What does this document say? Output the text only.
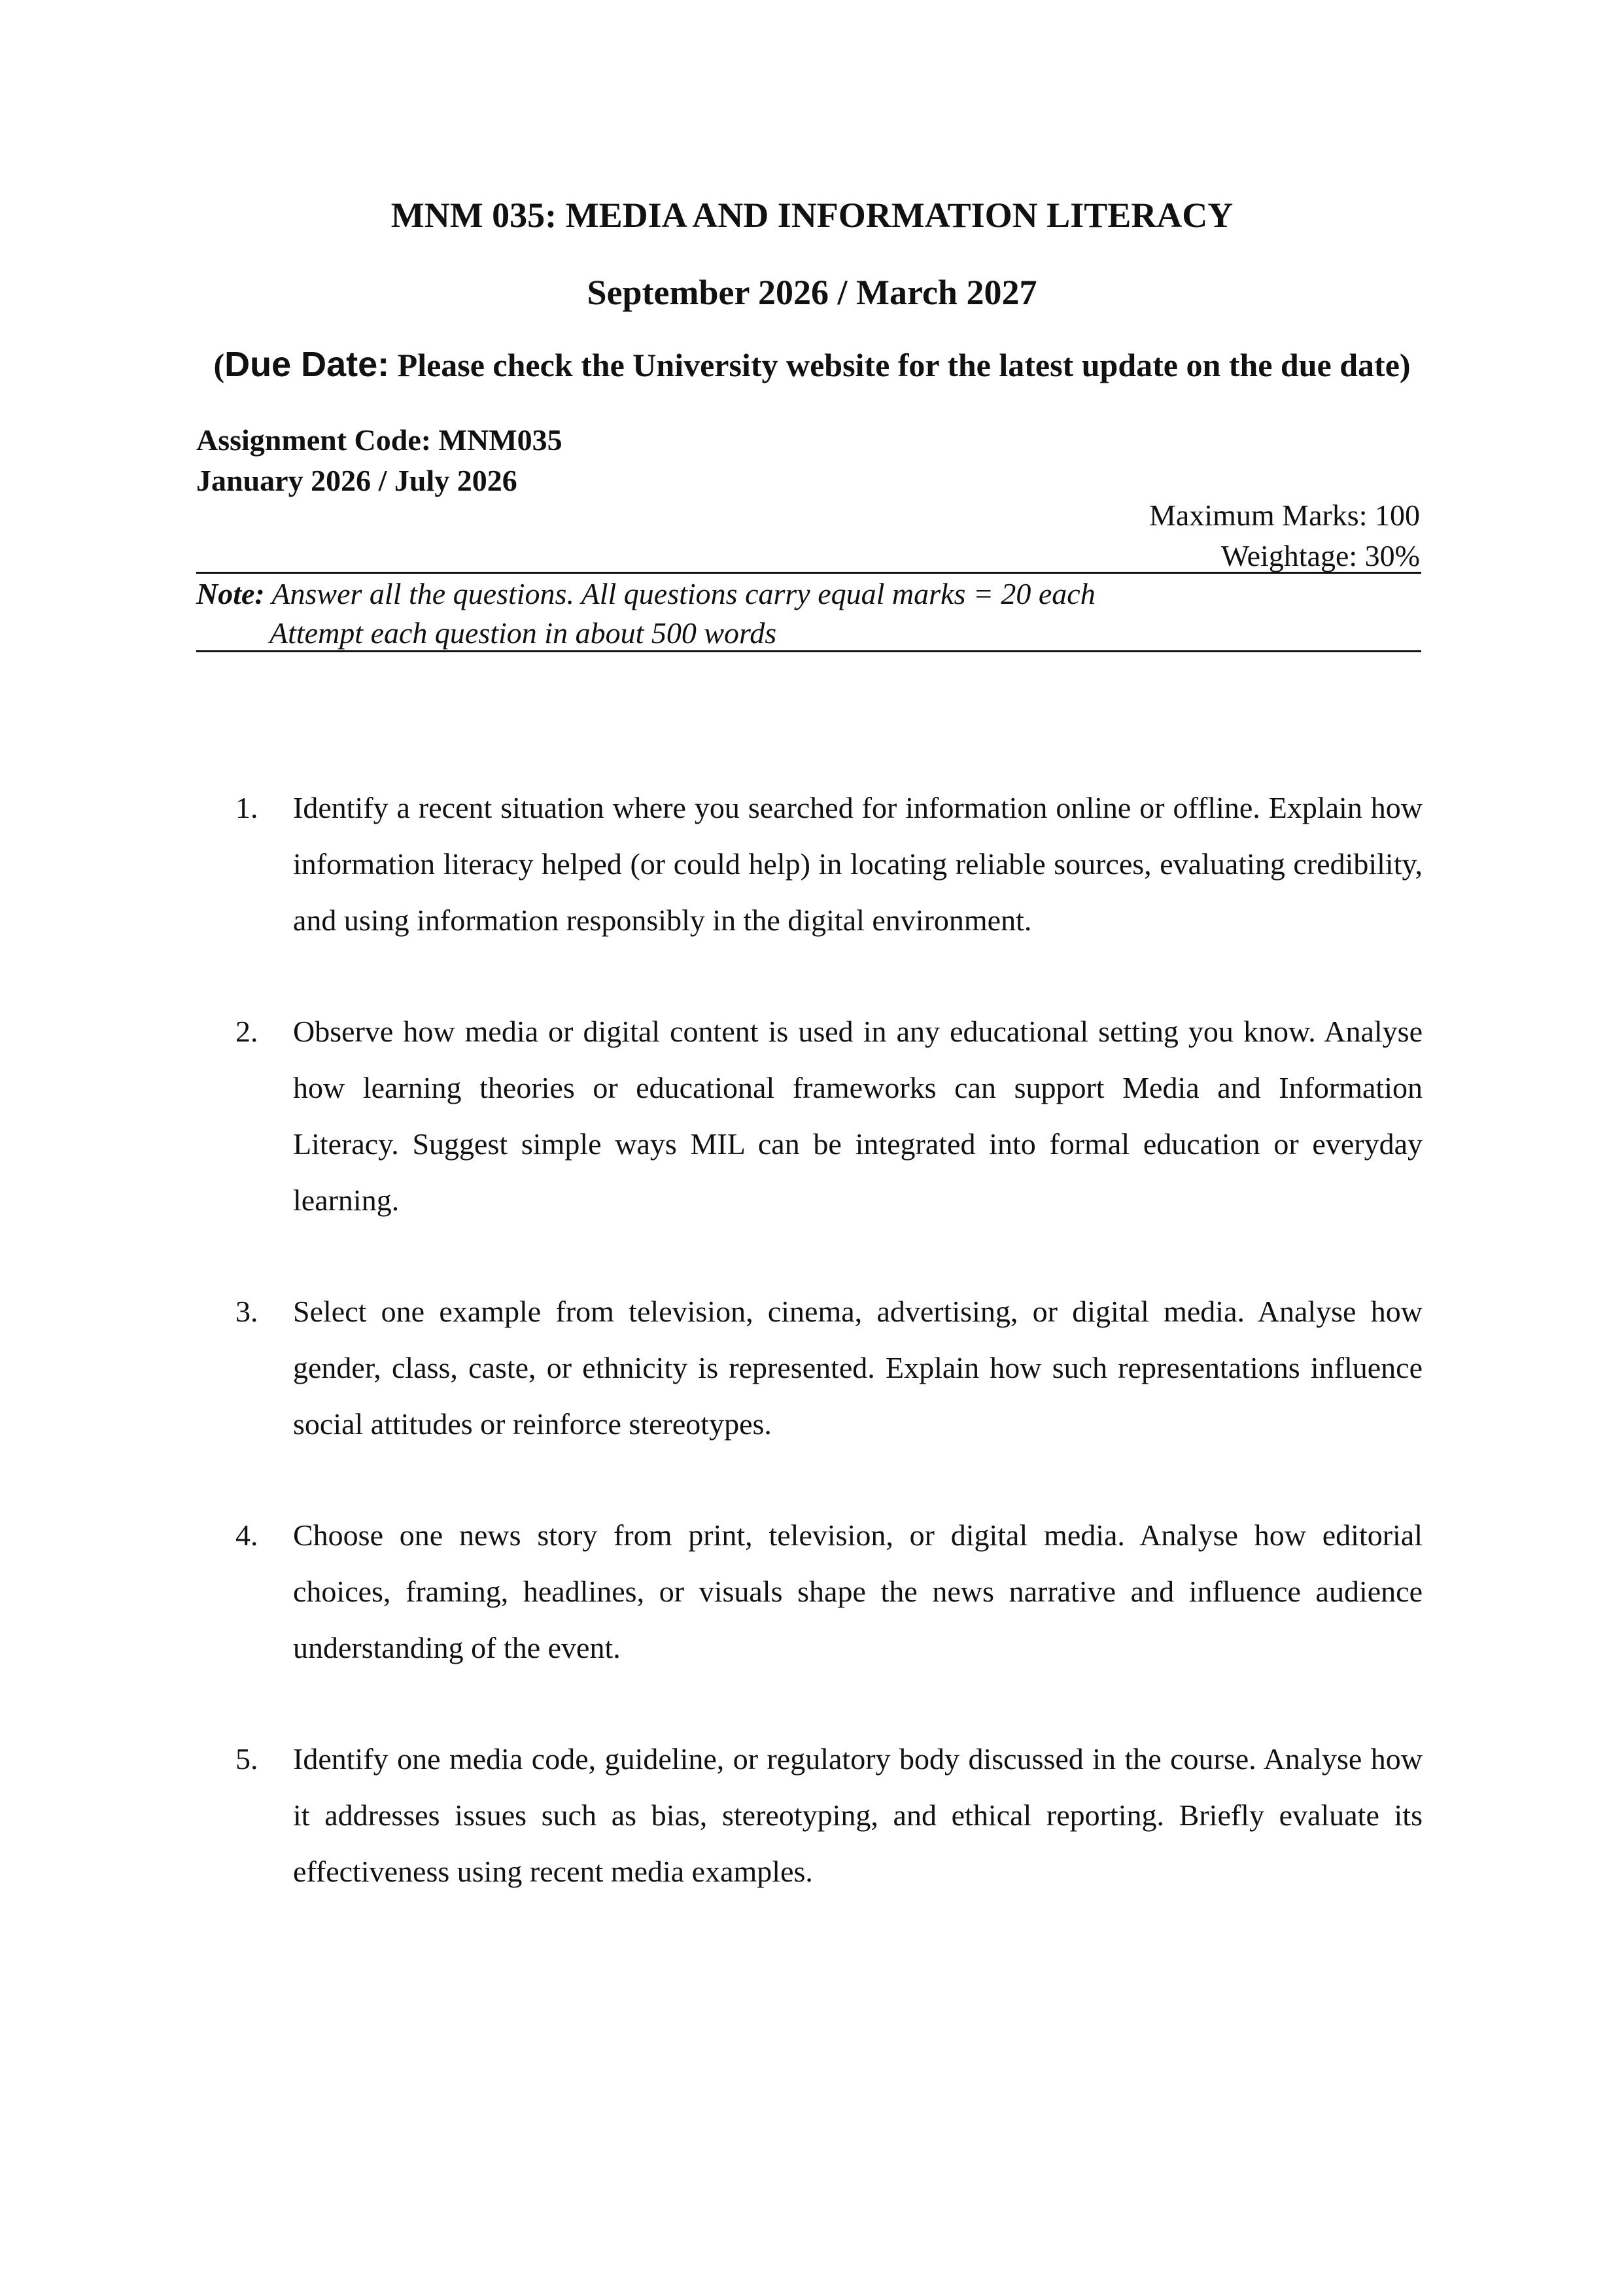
MNM 035: MEDIA AND INFORMATION LITERACY
September 2026 / March 2027
(Due Date: Please check the University website for the latest update on the due date)
Assignment Code: MNM035
January 2026 / July 2026
Maximum Marks: 100
Weightage: 30%
Note: Answer all the questions. All questions carry equal marks = 20 each
Attempt each question in about 500 words
1. Identify a recent situation where you searched for information online or offline. Explain how information literacy helped (or could help) in locating reliable sources, evaluating credibility, and using information responsibly in the digital environment.
2. Observe how media or digital content is used in any educational setting you know. Analyse how learning theories or educational frameworks can support Media and Information Literacy. Suggest simple ways MIL can be integrated into formal education or everyday learning.
3. Select one example from television, cinema, advertising, or digital media. Analyse how gender, class, caste, or ethnicity is represented. Explain how such representations influence social attitudes or reinforce stereotypes.
4. Choose one news story from print, television, or digital media. Analyse how editorial choices, framing, headlines, or visuals shape the news narrative and influence audience understanding of the event.
5. Identify one media code, guideline, or regulatory body discussed in the course. Analyse how it addresses issues such as bias, stereotyping, and ethical reporting. Briefly evaluate its effectiveness using recent media examples.
